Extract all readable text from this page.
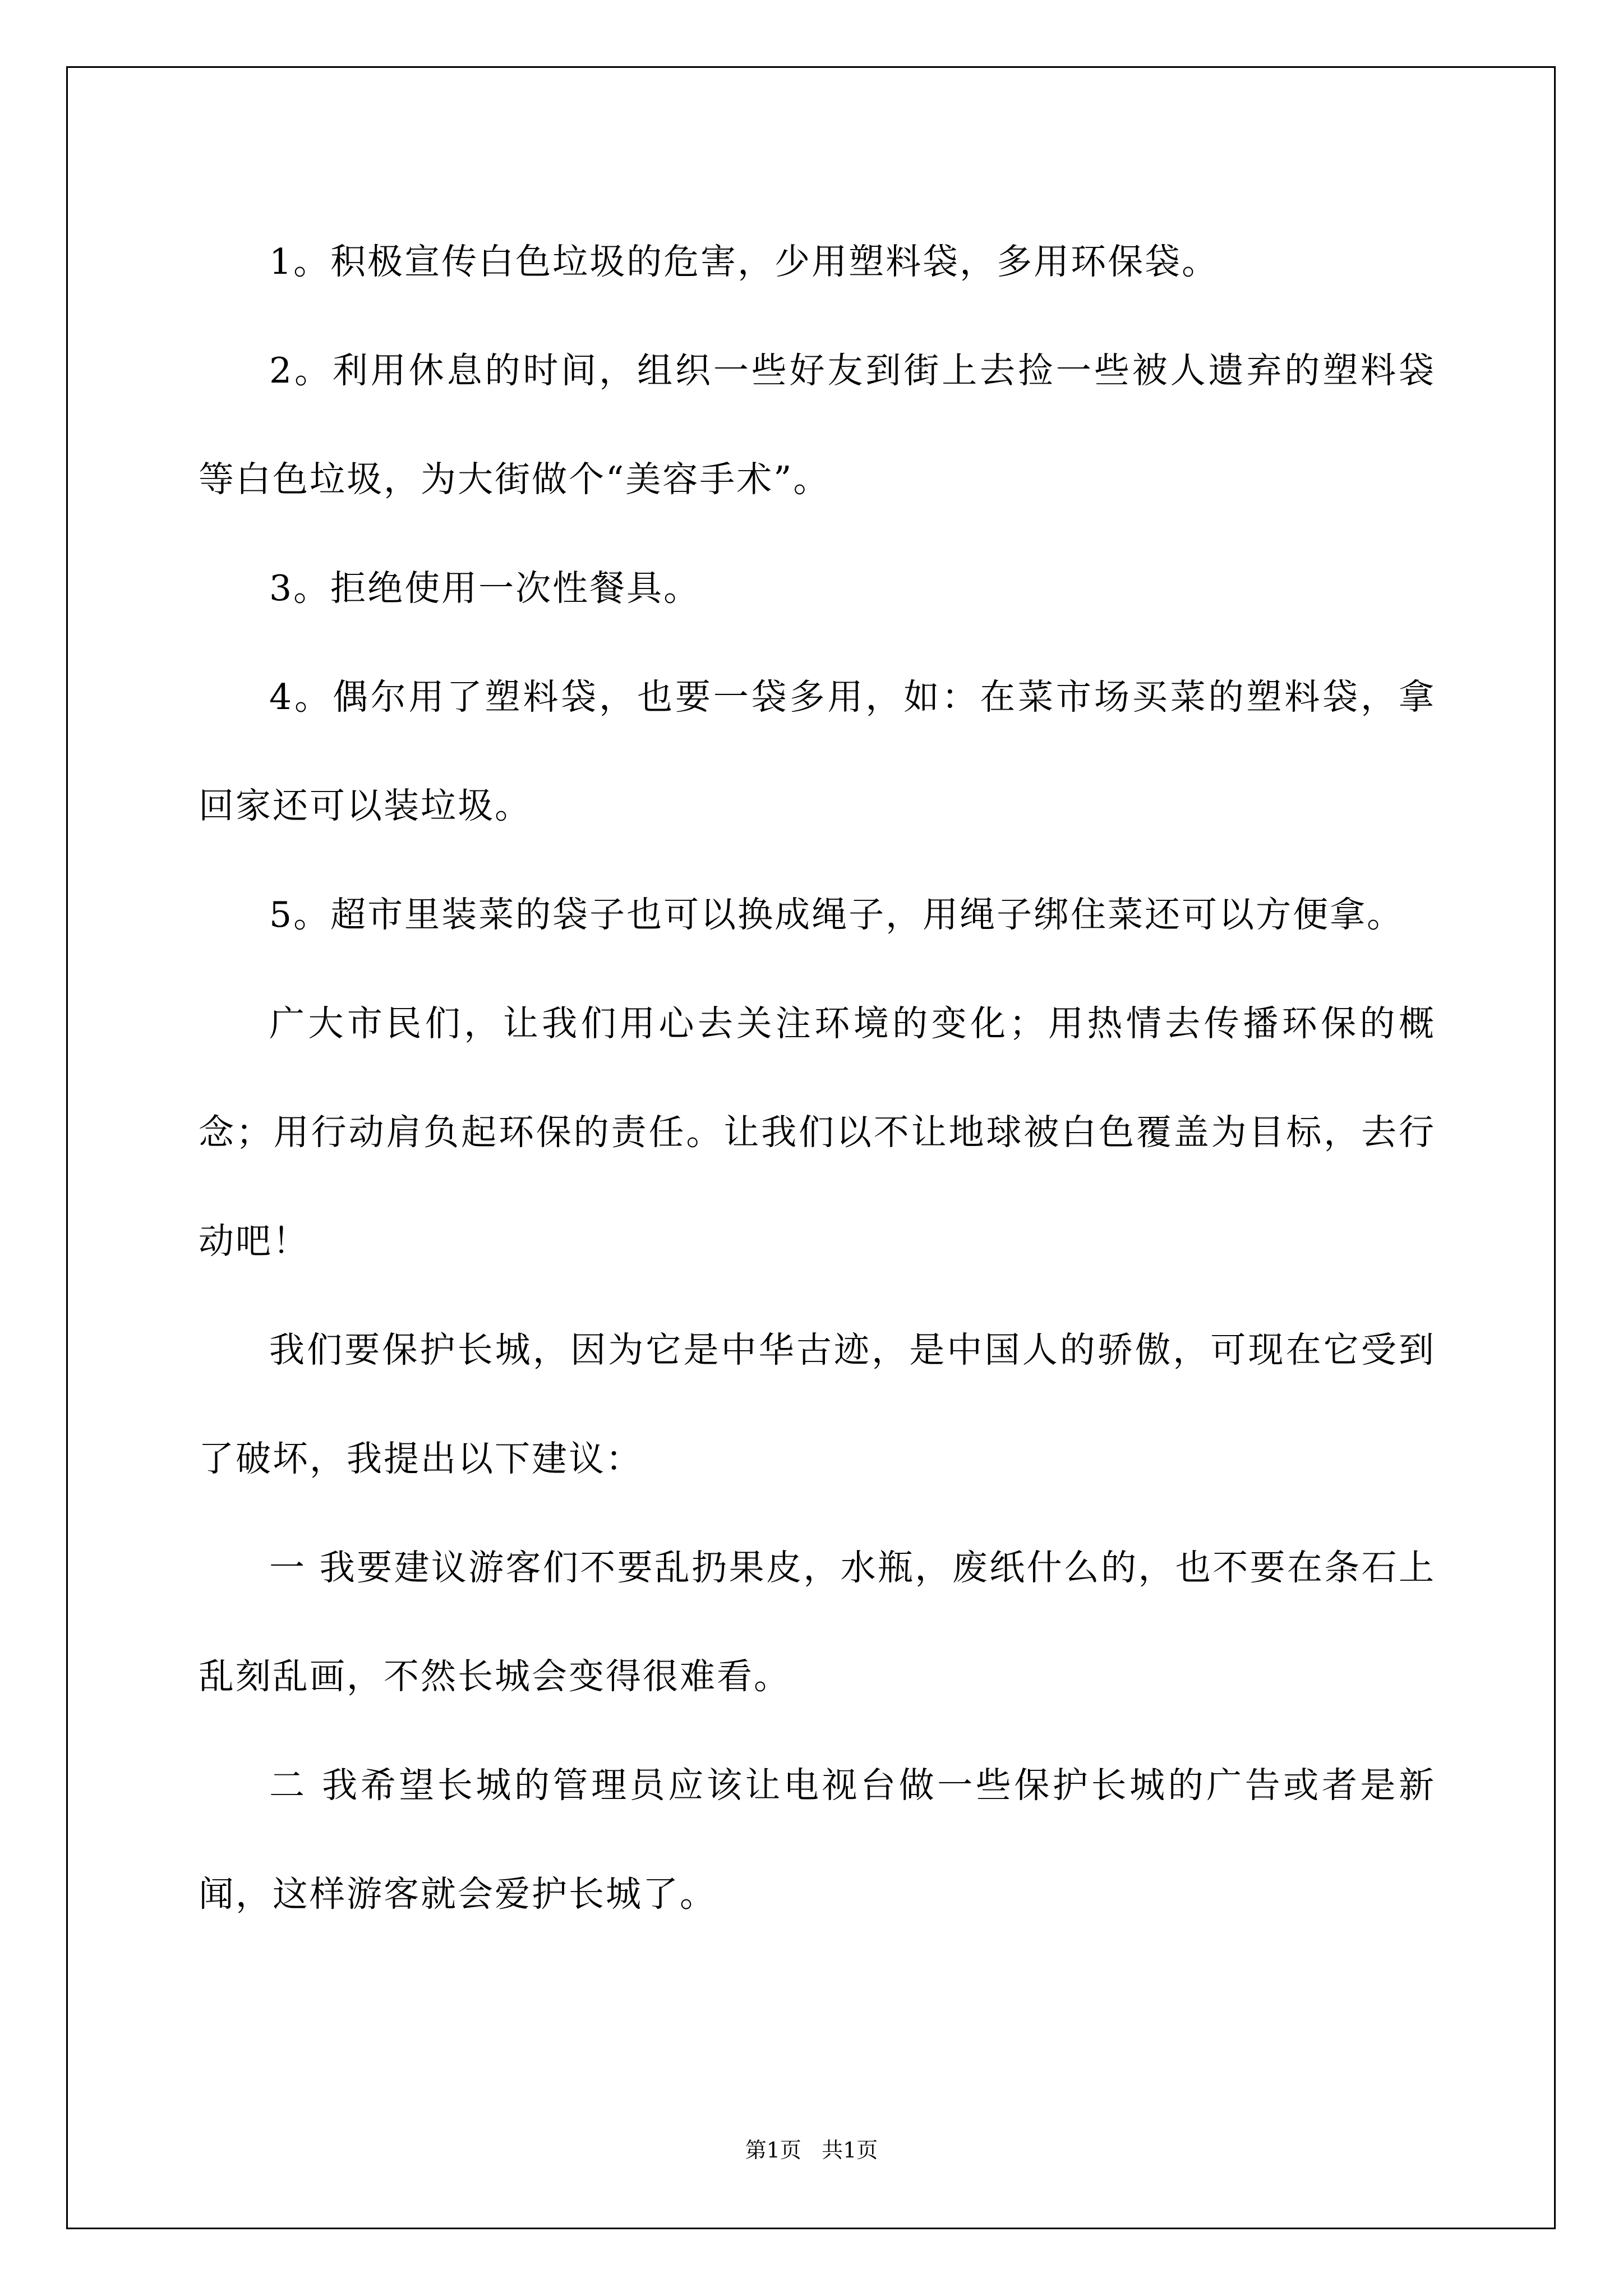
1。积极宣传白色垃圾的危害，少用塑料袋，多用环保袋。

2。利用休息的时间，组织一些好友到街上去捡一些被人遗弃的塑料袋等白色垃圾，为大街做个“美容手术”。

3。拒绝使用一次性餐具。

4。偶尔用了塑料袋，也要一袋多用，如：在菜市场买菜的塑料袋，拿回家还可以装垃圾。

5。超市里装菜的袋子也可以换成绳子，用绳子绑住菜还可以方便拿。

广大市民们，让我们用心去关注环境的变化；用热情去传播环保的概念；用行动肩负起环保的责任。让我们以不让地球被白色覆盖为目标，去行动吧！

我们要保护长城，因为它是中华古迹，是中国人的骄傲，可现在它受到了破坏，我提出以下建议：

一 我要建议游客们不要乱扔果皮，水瓶，废纸什么的，也不要在条石上乱刻乱画，不然长城会变得很难看。

二 我希望长城的管理员应该让电视台做一些保护长城的广告或者是新闻，这样游客就会爱护长城了。

第1页   共1页
